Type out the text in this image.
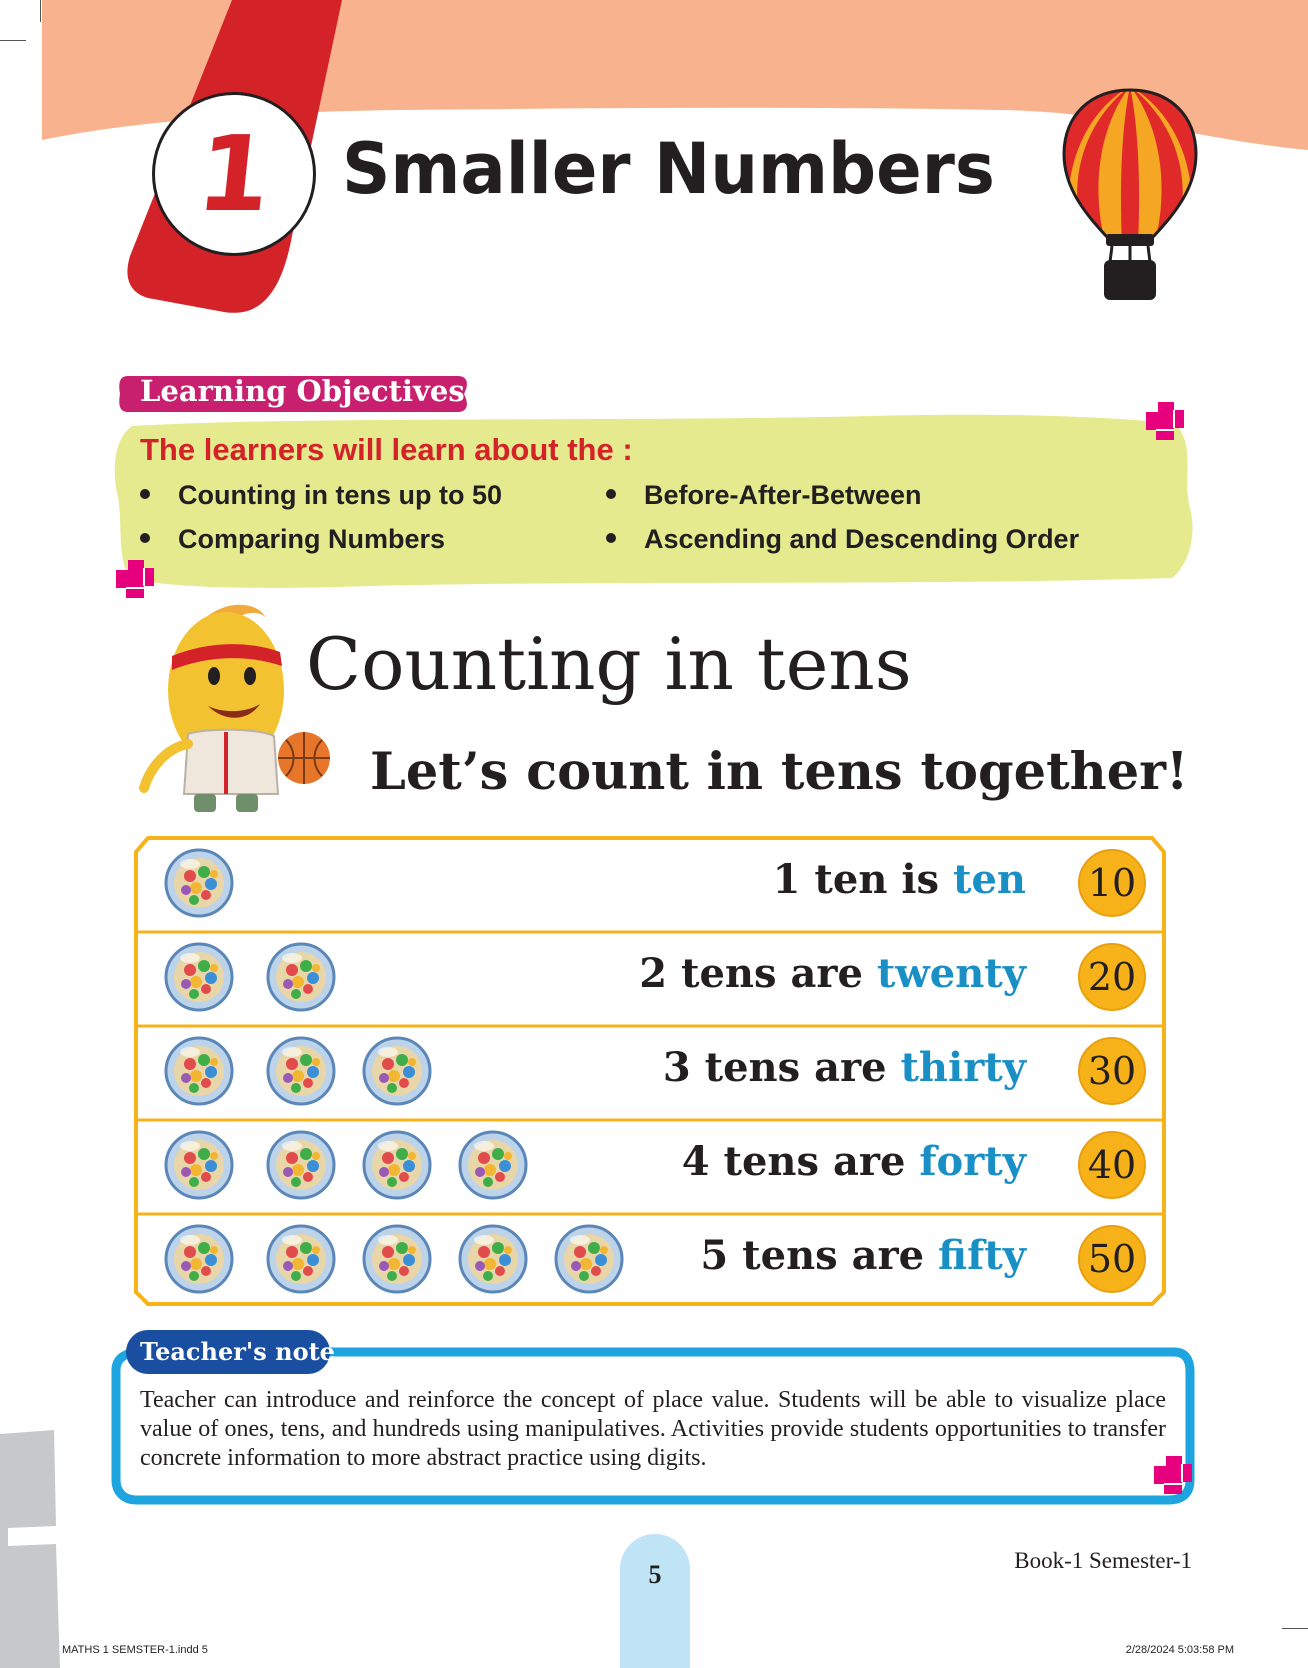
1 Smaller Numbers
Learning Objectives :
The learners will learn about the :
Counting in tens up to 50	Before-After-Between
Comparing Numbers	Ascending and Descending Order
Counting in tens
Let’s count in tens together!
1 ten is ten 10
2 tens are twenty 20
3 tens are thirty 30
4 tens are forty 40
5 tens are fifty 50
Teacher's note
Teacher can introduce and reinforce the concept of place value. Students will be able to visualize place value of ones, tens, and hundreds using manipulatives. Activities provide students opportunities to transfer concrete information to more abstract practice using digits.
5	Book-1 Semester-1
MATHS 1 SEMSTER-1.indd 5	2/28/2024 5:03:58 PM
